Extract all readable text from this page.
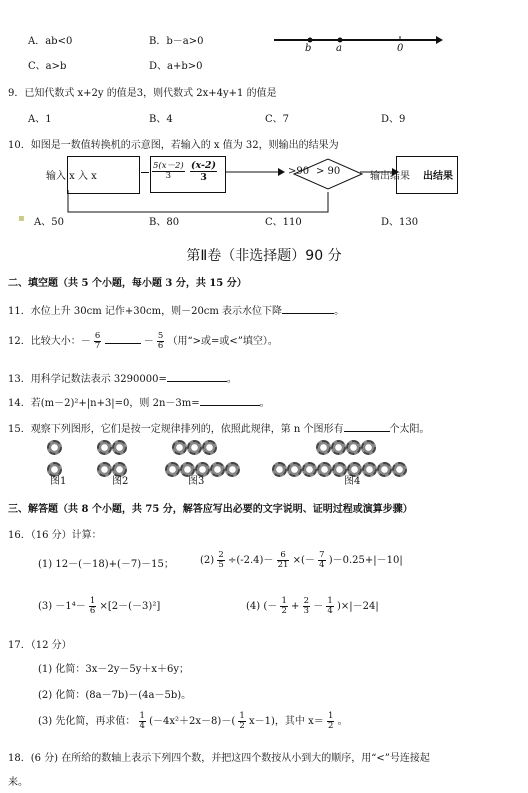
A．ab<0	B．b－a>0
C、a>b	D、a+b>0
b a	0
9．已知代数式 x+2y 的值是3，则代数式 2x+4y+1 的值是
A、1	B、4	C、7	D、9
10．如图是一数值转换机的示意图，若输入的 x 值为 32，则输出的结果为
输入 x 入 x	$\frac{5(x-2)}{3} \frac{(x-2)}{3}$	>90 > 90	输出结果 出结果
▪ A、50	B、80	C、110	D、130
第Ⅱ卷（非选择题）90 分
二、填空题（共 5 个小题，每小题 3 分，共 15 分）
11．水位上升 30cm 记作+30cm，则－20cm 表示水位下降	。
12．比较大小：－ $\frac{6}{7}$	－ $\frac{5}{6}$ （用“>或=或<”填空）。
13．用科学记数法表示 3290000=	。
14．若(m－2)²+|n+3|=0，则 2n－3m=	。
15．观察下列图形，它们是按一定规律排列的，依照此规律，第 n 个图形有	个太阳。
图1	图2	图3	图4
三、解答题（共 8 个小题，共 75 分，解答应写出必要的文字说明、证明过程或演算步骤）
16．（16 分）计算：
(1) 12－(－18)+(－7)－15；	$(2) \frac{2}{5} \div(-2.4)- \frac{6}{21}$ ×(－ $\frac{7}{4} )-0.25+|-10|$
$(3) -1^4- \frac{1}{6} \times[2-(-3)^2]$	(4) (－ $\frac{1}{2} + \frac{2}{3} - \frac{1}{4} )\times|-24|$
17．（12 分）
(1) 化简：3x－2y－5y＋x＋6y；
(2) 化简：(8a－7b)－(4a－5b)。
(3) 先化简，再求值： $\frac{1}{4} (-4x^2+2x-8)-( \frac{1}{2} x-1)$，其中 $x= \frac{1}{2}$ 。
18．(6 分) 在所给的数轴上表示下列四个数，并把这四个数按从小到大的顺序，用“<”号连接起
来。
